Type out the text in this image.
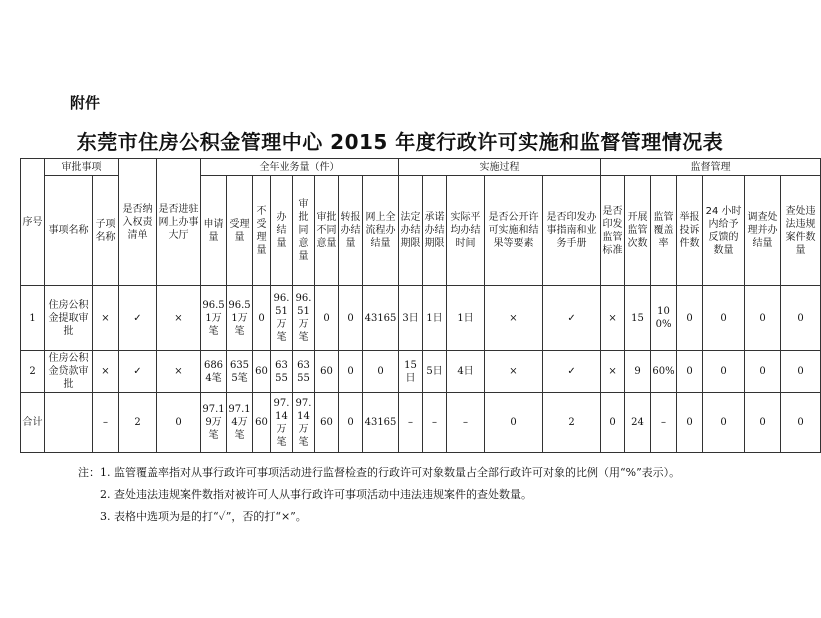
附件
东莞市住房公积金管理中心 2015 年度行政许可实施和监督管理情况表
序号	审批事项		是否纳入权责清单	是否进驻网上办事大厅	全年业务量（件）								实施过程					监督管理						
	事项名称	子项名称			申请量	受理量	不受理量	办结量	审批同意量	审批不同意量	转报办结量	网上全流程办结量	法定办结期限	承诺办结期限	实际平均办结时间	是否公开许可实施和结果等要素	是否印发办事指南和业务手册	是否印发监管标准	开展监管次数	监管覆盖率	举报投诉件数	24 小时内给予反馈的数量	调查处理并办结量	查处违法违规案件数量
1	住房公积金提取审批	×	✓	×	96.51万笔	96.51万笔	0	96.51万笔	96.51万笔	0	0	43165	3日	1日	1日	×	✓	×	15	100%	0	0	0	0
2	住房公积金贷款审批	×	✓	×	6864笔	6355笔	60	6355	6355	60	0	0	15日	5日	4日	×	✓	×	9	60%	0	0	0	0
合计		–	2	0	97.19万笔	97.14万笔	60	97.14万笔	97.14万笔	60	0	43165	–	–	–	0	2	0	24	–	0	0	0	0
注：1. 监管覆盖率指对从事行政许可事项活动进行监督检查的行政许可对象数量占全部行政许可对象的比例（用“%”表示）。
2. 查处违法违规案件数指对被许可人从事行政许可事项活动中违法违规案件的查处数量。
3. 表格中选项为是的打“✓”，否的打“×”。
